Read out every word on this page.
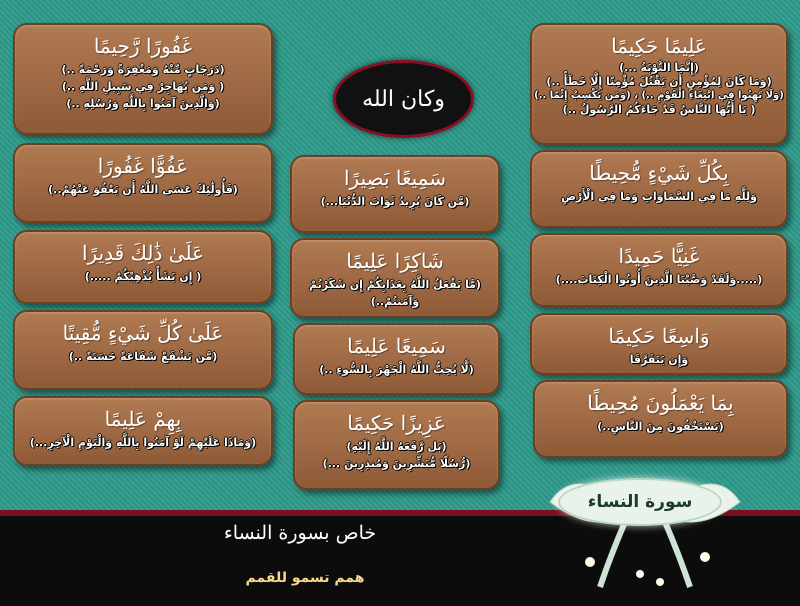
غَفُورًا رَّحِيمًا
(دَرَجَاتٍ مِّنْهُ وَمَغْفِرَةً وَرَحْمَةً ..)
( وَمَن يُهَاجِرْ فِي سَبِيلِ اللَّهِ ..)
(وَالَّذِينَ آمَنُوا بِاللَّهِ وَرُسُلِهِ ..)
عَفُوًّا غَفُورًا
(فَأُولَٰئِكَ عَسَى اللَّهُ أَن يَعْفُوَ عَنْهُمْ..)
عَلَىٰ ذَٰلِكَ قَدِيرًا
( إِن يَشَأْ يُذْهِبْكُمْ .....)
عَلَىٰ كُلِّ شَيْءٍ مُّقِيتًا
(مَّن يَشْفَعْ شَفَاعَةً حَسَنَةً ..)
بِهِمْ عَلِيمًا
(وَمَاذَا عَلَيْهِمْ لَوْ آمَنُوا بِاللَّهِ وَالْيَوْمِ الْآخِرِ...)
وكان الله
سَمِيعًا بَصِيرًا
(مَّن كَانَ يُرِيدُ ثَوَابَ الدُّنْيَا...)
شَاكِرًا عَلِيمًا
(مَّا يَفْعَلُ اللَّهُ بِعَذَابِكُمْ إِن شَكَرْتُمْ وَآمَنتُمْ..)
سَمِيعًا عَلِيمًا
(لَّا يُحِبُّ اللَّهُ الْجَهْرَ بِالسُّوءِ ..)
عَزِيزًا حَكِيمًا
(بَل رَّفَعَهُ اللَّهُ إِلَيْهِ)
(رُّسُلًا مُّبَشِّرِينَ وَمُنذِرِينَ ...)
عَلِيمًا حَكِيمًا
(إِنَّمَا التَّوْبَةُ ...)
(وَمَا كَانَ لِمُؤْمِنٍ أَن يَقْتُلَ مُؤْمِنًا إِلَّا خَطَأً ..)
(وَلَا تَهِنُوا فِي ابْتِغَاءِ الْقَوْمِ ..) ، (وَمَن يَكْسِبْ إِثْمًا ..)
( يَا أَيُّهَا النَّاسُ قَدْ جَاءَكُمُ الرَّسُولُ ..)
بِكُلِّ شَيْءٍ مُّحِيطًا
وَلِلَّهِ مَا فِي السَّمَاوَاتِ وَمَا فِي الْأَرْضِ
غَنِيًّا حَمِيدًا
(.....وَلَقَدْ وَصَّيْنَا الَّذِينَ أُوتُوا الْكِتَابَ....)
وَاسِعًا حَكِيمًا
وَإِن يَتَفَرَّقَا
بِمَا يَعْمَلُونَ مُحِيطًا
(يَسْتَخْفُونَ مِنَ النَّاسِ..)
خاص بسورة النساء
همم تسمو للقمم
سورة النساء
